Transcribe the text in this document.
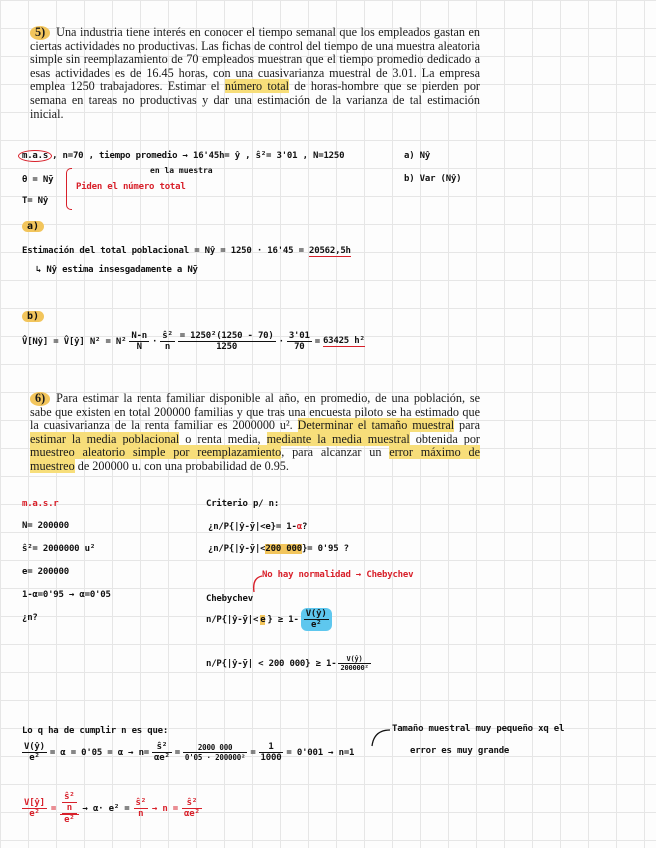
5) Una industria tiene interés en conocer el tiempo semanal que los empleados gastan en ciertas actividades no productivas. Las fichas de control del tiempo de una muestra aleatoria simple sin reemplazamiento de 70 empleados muestran que el tiempo promedio dedicado a esas actividades es de 16.45 horas, con una cuasivarianza muestral de 3.01. La empresa emplea 1250 trabajadores. Estimar el número total de horas-hombre que se pierden por semana en tareas no productivas y dar una estimación de la varianza de tal estimación inicial.
m.a.s , n=70 , tiempo promedio → 16'45h= ŷ , ŝ²= 3'01 , N=1250
en la muestra
a) Nŷ
b) Var (Nŷ)
θ = Nȳ
T= Nŷ
Piden el número total
a)
Estimación del total poblacional = Nŷ = 1250 · 16'45 = 20562,5h
↳ Nŷ estima insesgadamente a Nȳ
b)
V̂[Nŷ] = V̂[ŷ] $N^2 = N^2 \frac{N-n}{N} \cdot \frac{\text{ŝ²}}{n} \frac{\text{= 1250²(1250 - 70)}}{1250} \cdot \frac{3'01}{70} = 63425$ h²
6) Para estimar la renta familiar disponible al año, en promedio, de una población, se sabe que existen en total 200000 familias y que tras una encuesta piloto se ha estimado que la cuasivarianza de la renta familiar es 2000000 u². Determinar el tamaño muestral para estimar la media poblacional o renta media, mediante la media muestral obtenida por muestreo aleatorio simple por reemplazamiento, para alcanzar un error máximo de muestreo de 200000 u. con una probabilidad de 0.95.
m.a.s.r
N= 200000
ŝ²= 2000000 u²
e= 200000
1-α=0'95 → α=0'05
¿n?
Criterio p/ n:
¿n/P{|ŷ-ȳ|<e}= 1-α?
¿n/P{|ŷ-ȳ|<200 000}= 0'95 ?
No hay normalidad → Chebychev
Chebychev
n/P{|ŷ-ȳ|< e } ≥ $1- \frac{V(ŷ)}{\text{e²}}$
n/P{|ŷ-ȳ| < 200 $000\} \ge 1- \frac{V(ŷ)}{\text{200000²}}$
Lo q ha de cumplir n es que:
$\frac{V(ŷ)}{\text{e²}} = \alpha = 0'05 = \alpha \to n= \frac{\text{ŝ²}}{\text{αe²}} = \frac{2000 000}{\text{0'05 · 200000²}} = \frac{1}{1000} = 0'001 \to n=1$
Tamaño muestral muy pequeño xq el
error es muy grande
$\frac{V[ŷ]}{\text{e²}} = \frac{\frac{\text{ŝ²}}{n}}{\text{e²}} \to \alpha\cdot e^2 = \frac{\text{ŝ²}}{n} \to n = \frac{\text{ŝ²}}{\text{αe²}}$
